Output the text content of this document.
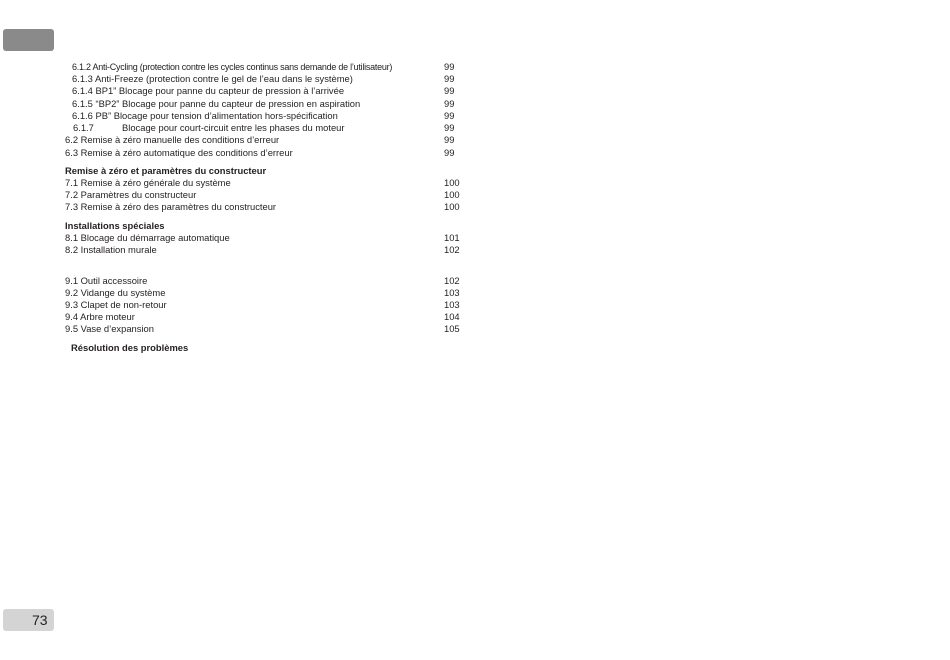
6.1.2 Anti-Cycling (protection contre les cycles continus sans demande de l’utilisateur)	99
6.1.3 Anti-Freeze (protection contre le gel de l’eau dans le système)	99
6.1.4 BP1” Blocage pour panne du capteur de pression à l’arrivée	99
6.1.5 “BP2” Blocage pour panne du capteur de pression en aspiration	99
6.1.6 PB” Blocage pour tension d’alimentation hors-spécification	99
6.1.7	Blocage pour court-circuit entre les phases du moteur	99
6.2 Remise à zéro manuelle des conditions d’erreur	99
6.3 Remise à zéro automatique des conditions d’erreur	99
Remise à zéro et paramètres du constructeur
7.1 Remise à zéro générale du système	100
7.2 Paramètres du constructeur	100
7.3 Remise à zéro des paramètres du constructeur	100
Installations spéciales
8.1 Blocage du démarrage automatique	101
8.2 Installation murale	102
9.1 Outil accessoire	102
9.2 Vidange du système	103
9.3 Clapet de non-retour	103
9.4 Arbre moteur	104
9.5 Vase d’expansion	105
Résolution des problèmes
73
